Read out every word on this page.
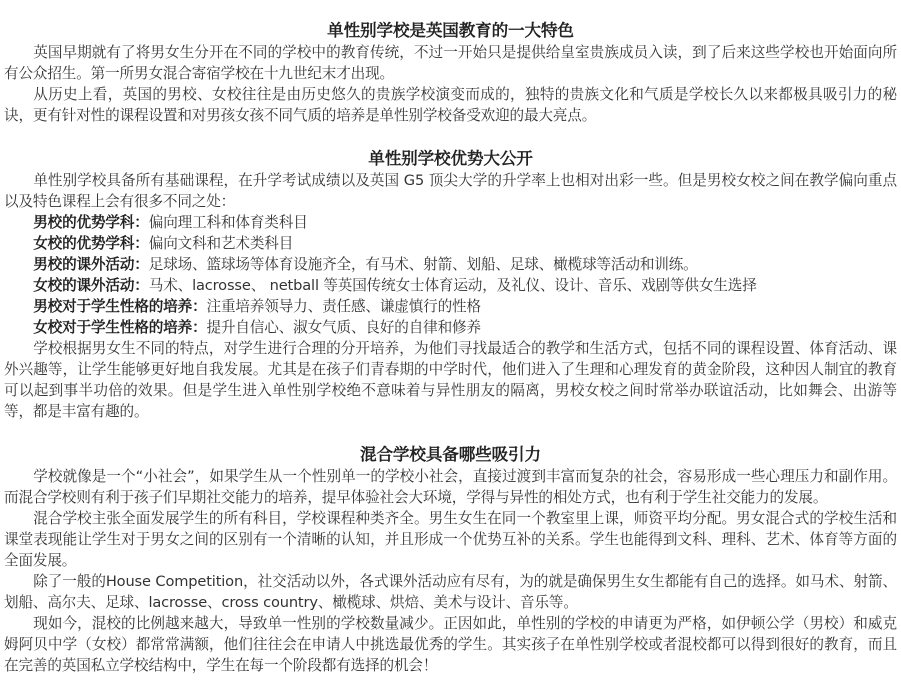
单性别学校是英国教育的一大特色

英国早期就有了将男女生分开在不同的学校中的教育传统，不过一开始只是提供给皇室贵族成员入读，到了后来这些学校也开始面向所有公众招生。第一所男女混合寄宿学校在十九世纪末才出现。

从历史上看，英国的男校、女校往往是由历史悠久的贵族学校演变而成的，独特的贵族文化和气质是学校长久以来都极具吸引力的秘诀，更有针对性的课程设置和对男孩女孩不同气质的培养是单性别学校备受欢迎的最大亮点。

单性别学校优势大公开

单性别学校具备所有基础课程，在升学考试成绩以及英国 G5 顶尖大学的升学率上也相对出彩一些。但是男校女校之间在教学偏向重点以及特色课程上会有很多不同之处：

男校的优势学科：偏向理工科和体育类科目
女校的优势学科：偏向文科和艺术类科目
男校的课外活动：足球场、篮球场等体育设施齐全，有马术、射箭、划船、足球、橄榄球等活动和训练。
女校的课外活动：马术、lacrosse、 netball 等英国传统女士体育运动，及礼仪、设计、音乐、戏剧等供女生选择
男校对于学生性格的培养：注重培养领导力、责任感、谦虚慎行的性格
女校对于学生性格的培养：提升自信心、淑女气质、良好的自律和修养

学校根据男女生不同的特点，对学生进行合理的分开培养，为他们寻找最适合的教学和生活方式，包括不同的课程设置、体育活动、课外兴趣等，让学生能够更好地自我发展。尤其是在孩子们青春期的中学时代，他们进入了生理和心理发育的黄金阶段，这种因人制宜的教育可以起到事半功倍的效果。但是学生进入单性别学校绝不意味着与异性朋友的隔离，男校女校之间时常举办联谊活动，比如舞会、出游等等，都是丰富有趣的。

混合学校具备哪些吸引力

学校就像是一个“小社会”，如果学生从一个性别单一的学校小社会，直接过渡到丰富而复杂的社会，容易形成一些心理压力和副作用。而混合学校则有利于孩子们早期社交能力的培养，提早体验社会大环境，学得与异性的相处方式，也有利于学生社交能力的发展。

混合学校主张全面发展学生的所有科目，学校课程种类齐全。男生女生在同一个教室里上课，师资平均分配。男女混合式的学校生活和课堂表现能让学生对于男女之间的区别有一个清晰的认知，并且形成一个优势互补的关系。学生也能得到文科、理科、艺术、体育等方面的全面发展。

除了一般的House Competition，社交活动以外，各式课外活动应有尽有，为的就是确保男生女生都能有自己的选择。如马术、射箭、划船、高尔夫、足球、lacrosse、cross country、橄榄球、烘焙、美术与设计、音乐等。

现如今，混校的比例越来越大，导致单一性别的学校数量减少。正因如此，单性别的学校的申请更为严格，如伊顿公学（男校）和威克姆阿贝中学（女校）都常常满额，他们往往会在申请人中挑选最优秀的学生。其实孩子在单性别学校或者混校都可以得到很好的教育，而且在完善的英国私立学校结构中，学生在每一个阶段都有选择的机会！
